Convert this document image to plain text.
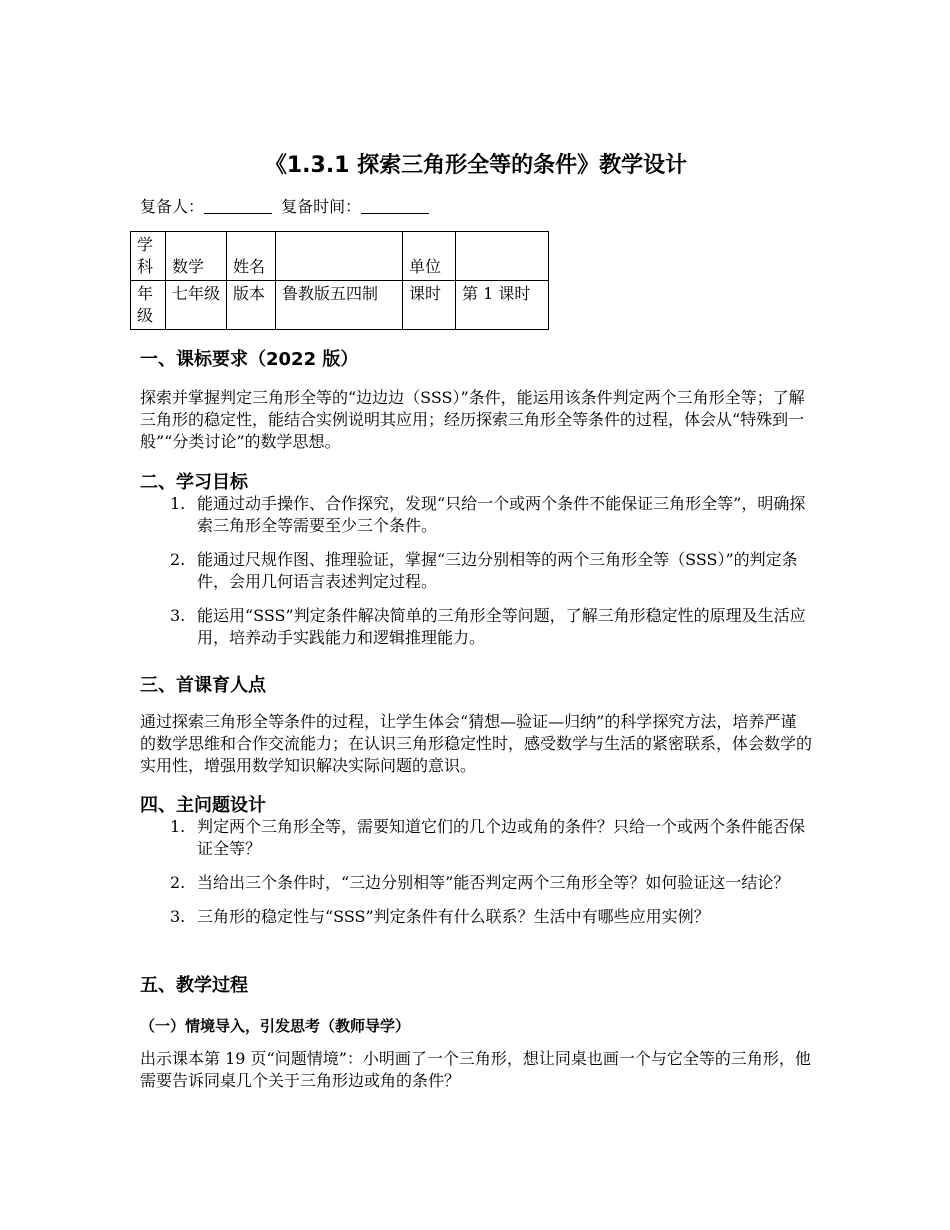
《1.3.1 探索三角形全等的条件》教学设计
复备人：	复备时间：
学科	数学	姓名		单位	
年级	七年级	版本	鲁教版五四制	课时	第 1 课时
一、课标要求（2022 版）

探索并掌握判定三角形全等的“边边边（SSS）”条件，能运用该条件判定两个三角形全等；了解三角形的稳定性，能结合实例说明其应用；经历探索三角形全等条件的过程，体会从“特殊到一般”“分类讨论”的数学思想。

二、学习目标
1. 能通过动手操作、合作探究，发现“只给一个或两个条件不能保证三角形全等”，明确探索三角形全等需要至少三个条件。
2. 能通过尺规作图、推理验证，掌握“三边分别相等的两个三角形全等（SSS）”的判定条件，会用几何语言表述判定过程。
3. 能运用“SSS”判定条件解决简单的三角形全等问题，了解三角形稳定性的原理及生活应用，培养动手实践能力和逻辑推理能力。
三、首课育人点

通过探索三角形全等条件的过程，让学生体会“猜想—验证—归纳”的科学探究方法，培养严谨的数学思维和合作交流能力；在认识三角形稳定性时，感受数学与生活的紧密联系，体会数学的实用性，增强用数学知识解决实际问题的意识。

四、主问题设计
1. 判定两个三角形全等，需要知道它们的几个边或角的条件？只给一个或两个条件能否保证全等？
2. 当给出三个条件时，“三边分别相等”能否判定两个三角形全等？如何验证这一结论？
3. 三角形的稳定性与“SSS”判定条件有什么联系？生活中有哪些应用实例？
五、教学过程
（一）情境导入，引发思考（教师导学）

出示课本第 19 页“问题情境”：小明画了一个三角形，想让同桌也画一个与它全等的三角形，他需要告诉同桌几个关于三角形边或角的条件？
